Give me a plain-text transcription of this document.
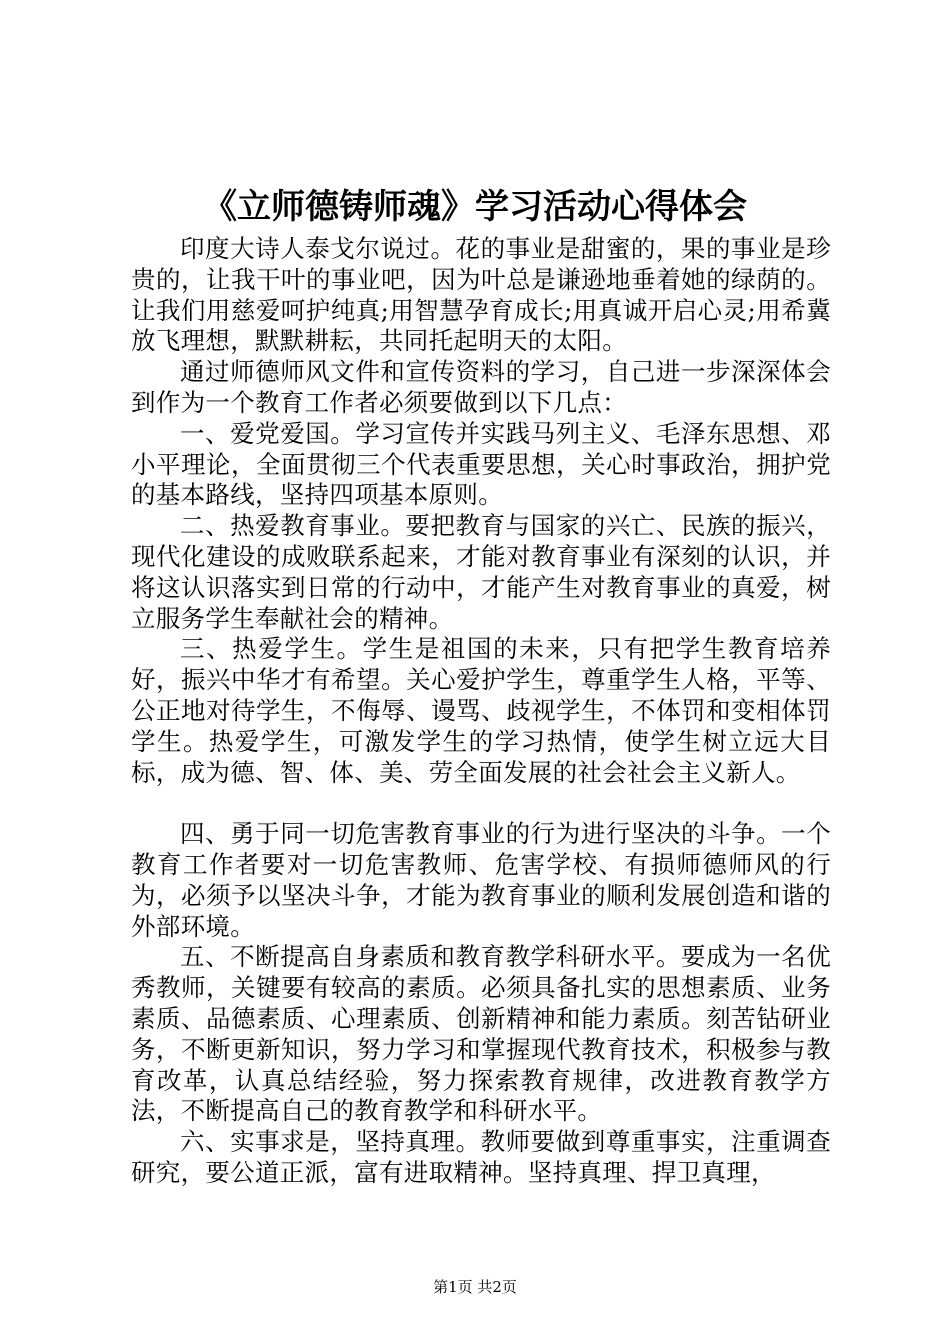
《立师德铸师魂》学习活动心得体会

印度大诗人泰戈尔说过。花的事业是甜蜜的，果的事业是珍贵的，让我干叶的事业吧，因为叶总是谦逊地垂着她的绿荫的。让我们用慈爱呵护纯真;用智慧孕育成长;用真诚开启心灵;用希冀放飞理想，默默耕耘，共同托起明天的太阳。

通过师德师风文件和宣传资料的学习，自己进一步深深体会到作为一个教育工作者必须要做到以下几点：

一、爱党爱国。学习宣传并实践马列主义、毛泽东思想、邓小平理论，全面贯彻三个代表重要思想，关心时事政治，拥护党的基本路线，坚持四项基本原则。

二、热爱教育事业。要把教育与国家的兴亡、民族的振兴，现代化建设的成败联系起来，才能对教育事业有深刻的认识，并将这认识落实到日常的行动中，才能产生对教育事业的真爱，树立服务学生奉献社会的精神。

三、热爱学生。学生是祖国的未来，只有把学生教育培养好，振兴中华才有希望。关心爱护学生，尊重学生人格，平等、公正地对待学生，不侮辱、谩骂、歧视学生，不体罚和变相体罚学生。热爱学生，可激发学生的学习热情，使学生树立远大目标，成为德、智、体、美、劳全面发展的社会社会主义新人。

四、勇于同一切危害教育事业的行为进行坚决的斗争。一个教育工作者要对一切危害教师、危害学校、有损师德师风的行为，必须予以坚决斗争，才能为教育事业的顺利发展创造和谐的外部环境。

五、不断提高自身素质和教育教学科研水平。要成为一名优秀教师，关键要有较高的素质。必须具备扎实的思想素质、业务素质、品德素质、心理素质、创新精神和能力素质。刻苦钻研业务，不断更新知识，努力学习和掌握现代教育技术，积极参与教育改革，认真总结经验，努力探索教育规律，改进教育教学方法，不断提高自己的教育教学和科研水平。

六、实事求是，坚持真理。教师要做到尊重事实，注重调查研究，要公道正派，富有进取精神。坚持真理、捍卫真理，

第1页 共2页
